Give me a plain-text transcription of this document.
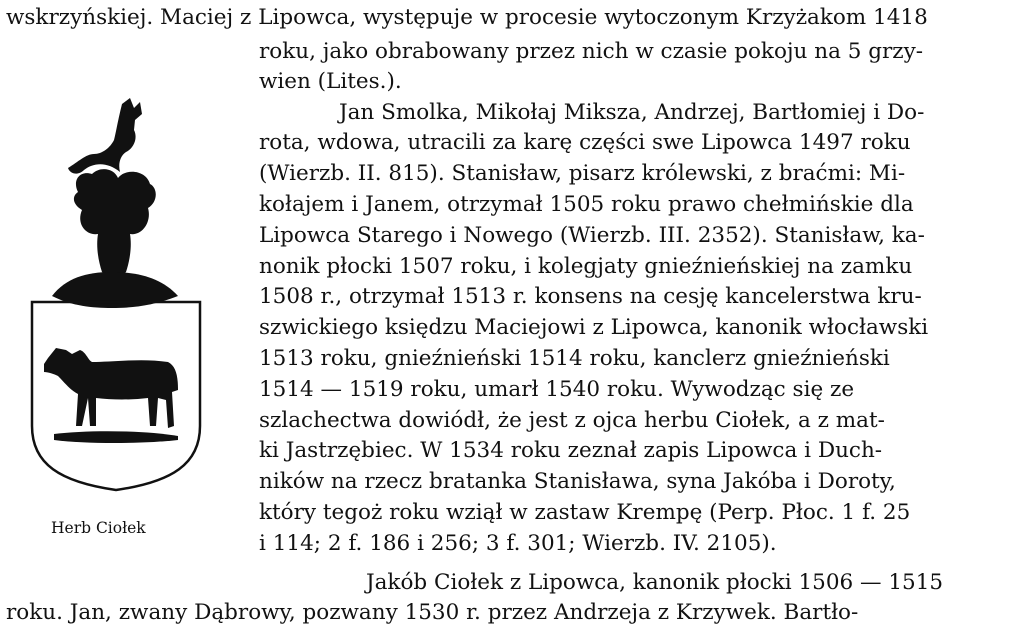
wskrzyńskiej. Maciej z Lipowca, występuje w procesie wytoczonym Krzyżakom 1418
roku, jako obrabowany przez nich w czasie pokoju na 5 grzy-
wien (Lites.).
Jan Smolka, Mikołaj Miksza, Andrzej, Bartłomiej i Do-
rota, wdowa, utracili za karę części swe Lipowca 1497 roku
(Wierzb. II. 815). Stanisław, pisarz królewski, z braćmi: Mi-
kołajem i Janem, otrzymał 1505 roku prawo chełmińskie dla
Lipowca Starego i Nowego (Wierzb. III. 2352). Stanisław, ka-
nonik płocki 1507 roku, i kolegjaty gnieźnieńskiej na zamku
1508 r., otrzymał 1513 r. konsens na cesję kancelerstwa kru-
szwickiego księdzu Maciejowi z Lipowca, kanonik włocławski
1513 roku, gnieźnieński 1514 roku, kanclerz gnieźnieński
1514 — 1519 roku, umarł 1540 roku. Wywodząc się ze
szlachectwa dowiódł, że jest z ojca herbu Ciołek, a z mat-
ki Jastrzębiec. W 1534 roku zeznał zapis Lipowca i Duch-
ników na rzecz bratanka Stanisława, syna Jakóba i Doroty,
który tegoż roku wziął w zastaw Krempę (Perp. Płoc. 1 f. 25
i 114; 2 f. 186 i 256; 3 f. 301; Wierzb. IV. 2105).
Jakób Ciołek z Lipowca, kanonik płocki 1506 — 1515
roku. Jan, zwany Dąbrowy, pozwany 1530 r. przez Andrzeja z Krzywek. Bartło-
Herb Ciołek
